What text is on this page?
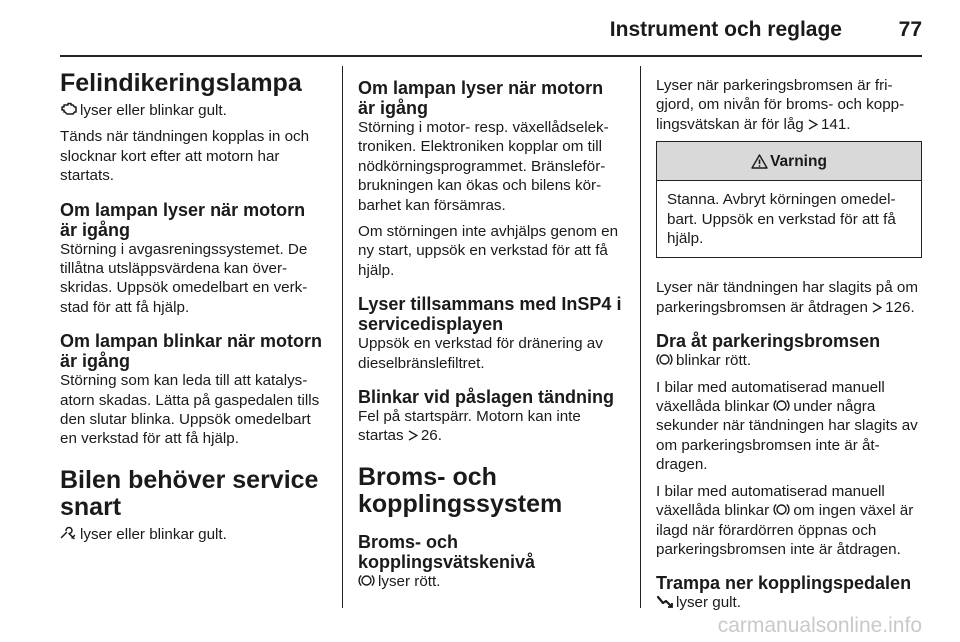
Instrument och reglage	77
Felindikeringslampa

lyser eller blinkar gult.

Tänds när tändningen kopplas in och slocknar kort efter att motorn har startats.

Om lampan lyser när motorn är igång

Störning i avgasreningssystemet. De tillåtna utsläppsvärdena kan över-skridas. Uppsök omedelbart en verk-stad för att få hjälp.

Om lampan blinkar när motorn är igång

Störning som kan leda till att katalys-atorn skadas. Lätta på gaspedalen tills den slutar blinka. Uppsök omedelbart en verkstad för att få hjälp.

Bilen behöver service snart

lyser eller blinkar gult.

Om lampan lyser när motorn är igång

Störning i motor- resp. växellådselek-troniken. Elektroniken kopplar om till nödkörningsprogrammet. Bränsleför-brukningen kan ökas och bilens kör-barhet kan försämras.

Om störningen inte avhjälps genom en ny start, uppsök en verkstad för att få hjälp.

Lyser tillsammans med InSP4 i servicedisplayen

Uppsök en verkstad för dränering av dieselbränslefiltret.

Blinkar vid påslagen tändning

Fel på startspärr. Motorn kan inte startas 26.

Broms- och kopplingssystem
Broms- och kopplingsvätskenivå

lyser rött.

Lyser när parkeringsbromsen är fri-gjord, om nivån för broms- och kopp-lingsvätskan är för låg 141.

Varning
Stanna. Avbryt körningen omedel-bart. Uppsök en verkstad för att få hjälp.

Lyser när tändningen har slagits på om parkeringsbromsen är åtdragen 126.

Dra åt parkeringsbromsen

blinkar rött.

I bilar med automatiserad manuell växellåda blinkar under några sekunder när tändningen har slagits av om parkeringsbromsen inte är åt-dragen.

I bilar med automatiserad manuell växellåda blinkar om ingen växel är ilagd när förardörren öppnas och parkeringsbromsen inte är åtdragen.

Trampa ner kopplingspedalen

lyser gult.

carmanualsonline.info
